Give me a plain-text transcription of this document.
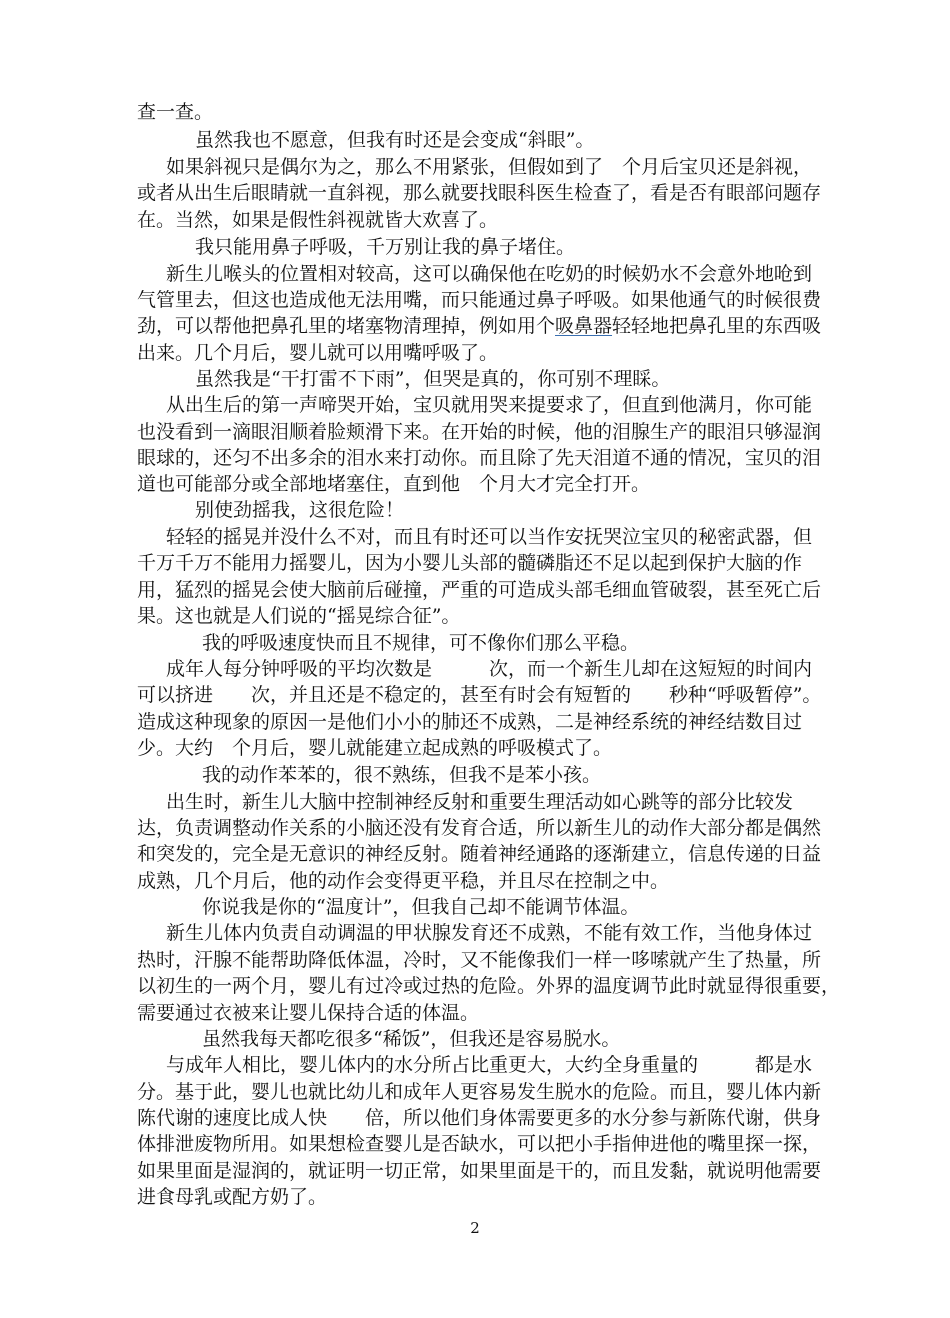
查一查。
虽然我也不愿意，但我有时还是会变成“斜眼”。
如果斜视只是偶尔为之，那么不用紧张，但假如到了　个月后宝贝还是斜视，
或者从出生后眼睛就一直斜视，那么就要找眼科医生检查了，看是否有眼部问题存
在。当然，如果是假性斜视就皆大欢喜了。
我只能用鼻子呼吸，千万别让我的鼻子堵住。
新生儿喉头的位置相对较高，这可以确保他在吃奶的时候奶水不会意外地呛到
气管里去，但这也造成他无法用嘴，而只能通过鼻子呼吸。如果他通气的时候很费
劲，可以帮他把鼻孔里的堵塞物清理掉，例如用个吸鼻器轻轻地把鼻孔里的东西吸
出来。几个月后，婴儿就可以用嘴呼吸了。
虽然我是“干打雷不下雨”，但哭是真的，你可别不理睬。
从出生后的第一声啼哭开始，宝贝就用哭来提要求了，但直到他满月，你可能
也没看到一滴眼泪顺着脸颊滑下来。在开始的时候，他的泪腺生产的眼泪只够湿润
眼球的，还匀不出多余的泪水来打动你。而且除了先天泪道不通的情况，宝贝的泪
道也可能部分或全部地堵塞住，直到他　个月大才完全打开。
别使劲摇我，这很危险！
轻轻的摇晃并没什么不对，而且有时还可以当作安抚哭泣宝贝的秘密武器，但
千万千万不能用力摇婴儿，因为小婴儿头部的髓磷脂还不足以起到保护大脑的作
用，猛烈的摇晃会使大脑前后碰撞，严重的可造成头部毛细血管破裂，甚至死亡后
果。这也就是人们说的“摇晃综合征”。
我的呼吸速度快而且不规律，可不像你们那么平稳。
成年人每分钟呼吸的平均次数是　　　次，而一个新生儿却在这短短的时间内
可以挤进　　次，并且还是不稳定的，甚至有时会有短暂的　　秒种“呼吸暂停”。
造成这种现象的原因一是他们小小的肺还不成熟，二是神经系统的神经结数目过
少。大约　个月后，婴儿就能建立起成熟的呼吸模式了。
我的动作苯苯的，很不熟练，但我不是苯小孩。
出生时，新生儿大脑中控制神经反射和重要生理活动如心跳等的部分比较发
达，负责调整动作关系的小脑还没有发育合适，所以新生儿的动作大部分都是偶然
和突发的，完全是无意识的神经反射。随着神经通路的逐渐建立，信息传递的日益
成熟，几个月后，他的动作会变得更平稳，并且尽在控制之中。
你说我是你的“温度计”，但我自己却不能调节体温。
新生儿体内负责自动调温的甲状腺发育还不成熟，不能有效工作，当他身体过
热时，汗腺不能帮助降低体温，冷时，又不能像我们一样一哆嗦就产生了热量，所
以初生的一两个月，婴儿有过冷或过热的危险。外界的温度调节此时就显得很重要，
需要通过衣被来让婴儿保持合适的体温。
虽然我每天都吃很多“稀饭”，但我还是容易脱水。
与成年人相比，婴儿体内的水分所占比重更大，大约全身重量的　　　都是水
分。基于此，婴儿也就比幼儿和成年人更容易发生脱水的危险。而且，婴儿体内新
陈代谢的速度比成人快　　倍，所以他们身体需要更多的水分参与新陈代谢，供身
体排泄废物所用。如果想检查婴儿是否缺水，可以把小手指伸进他的嘴里探一探，
如果里面是湿润的，就证明一切正常，如果里面是干的，而且发黏，就说明他需要
进食母乳或配方奶了。
2
